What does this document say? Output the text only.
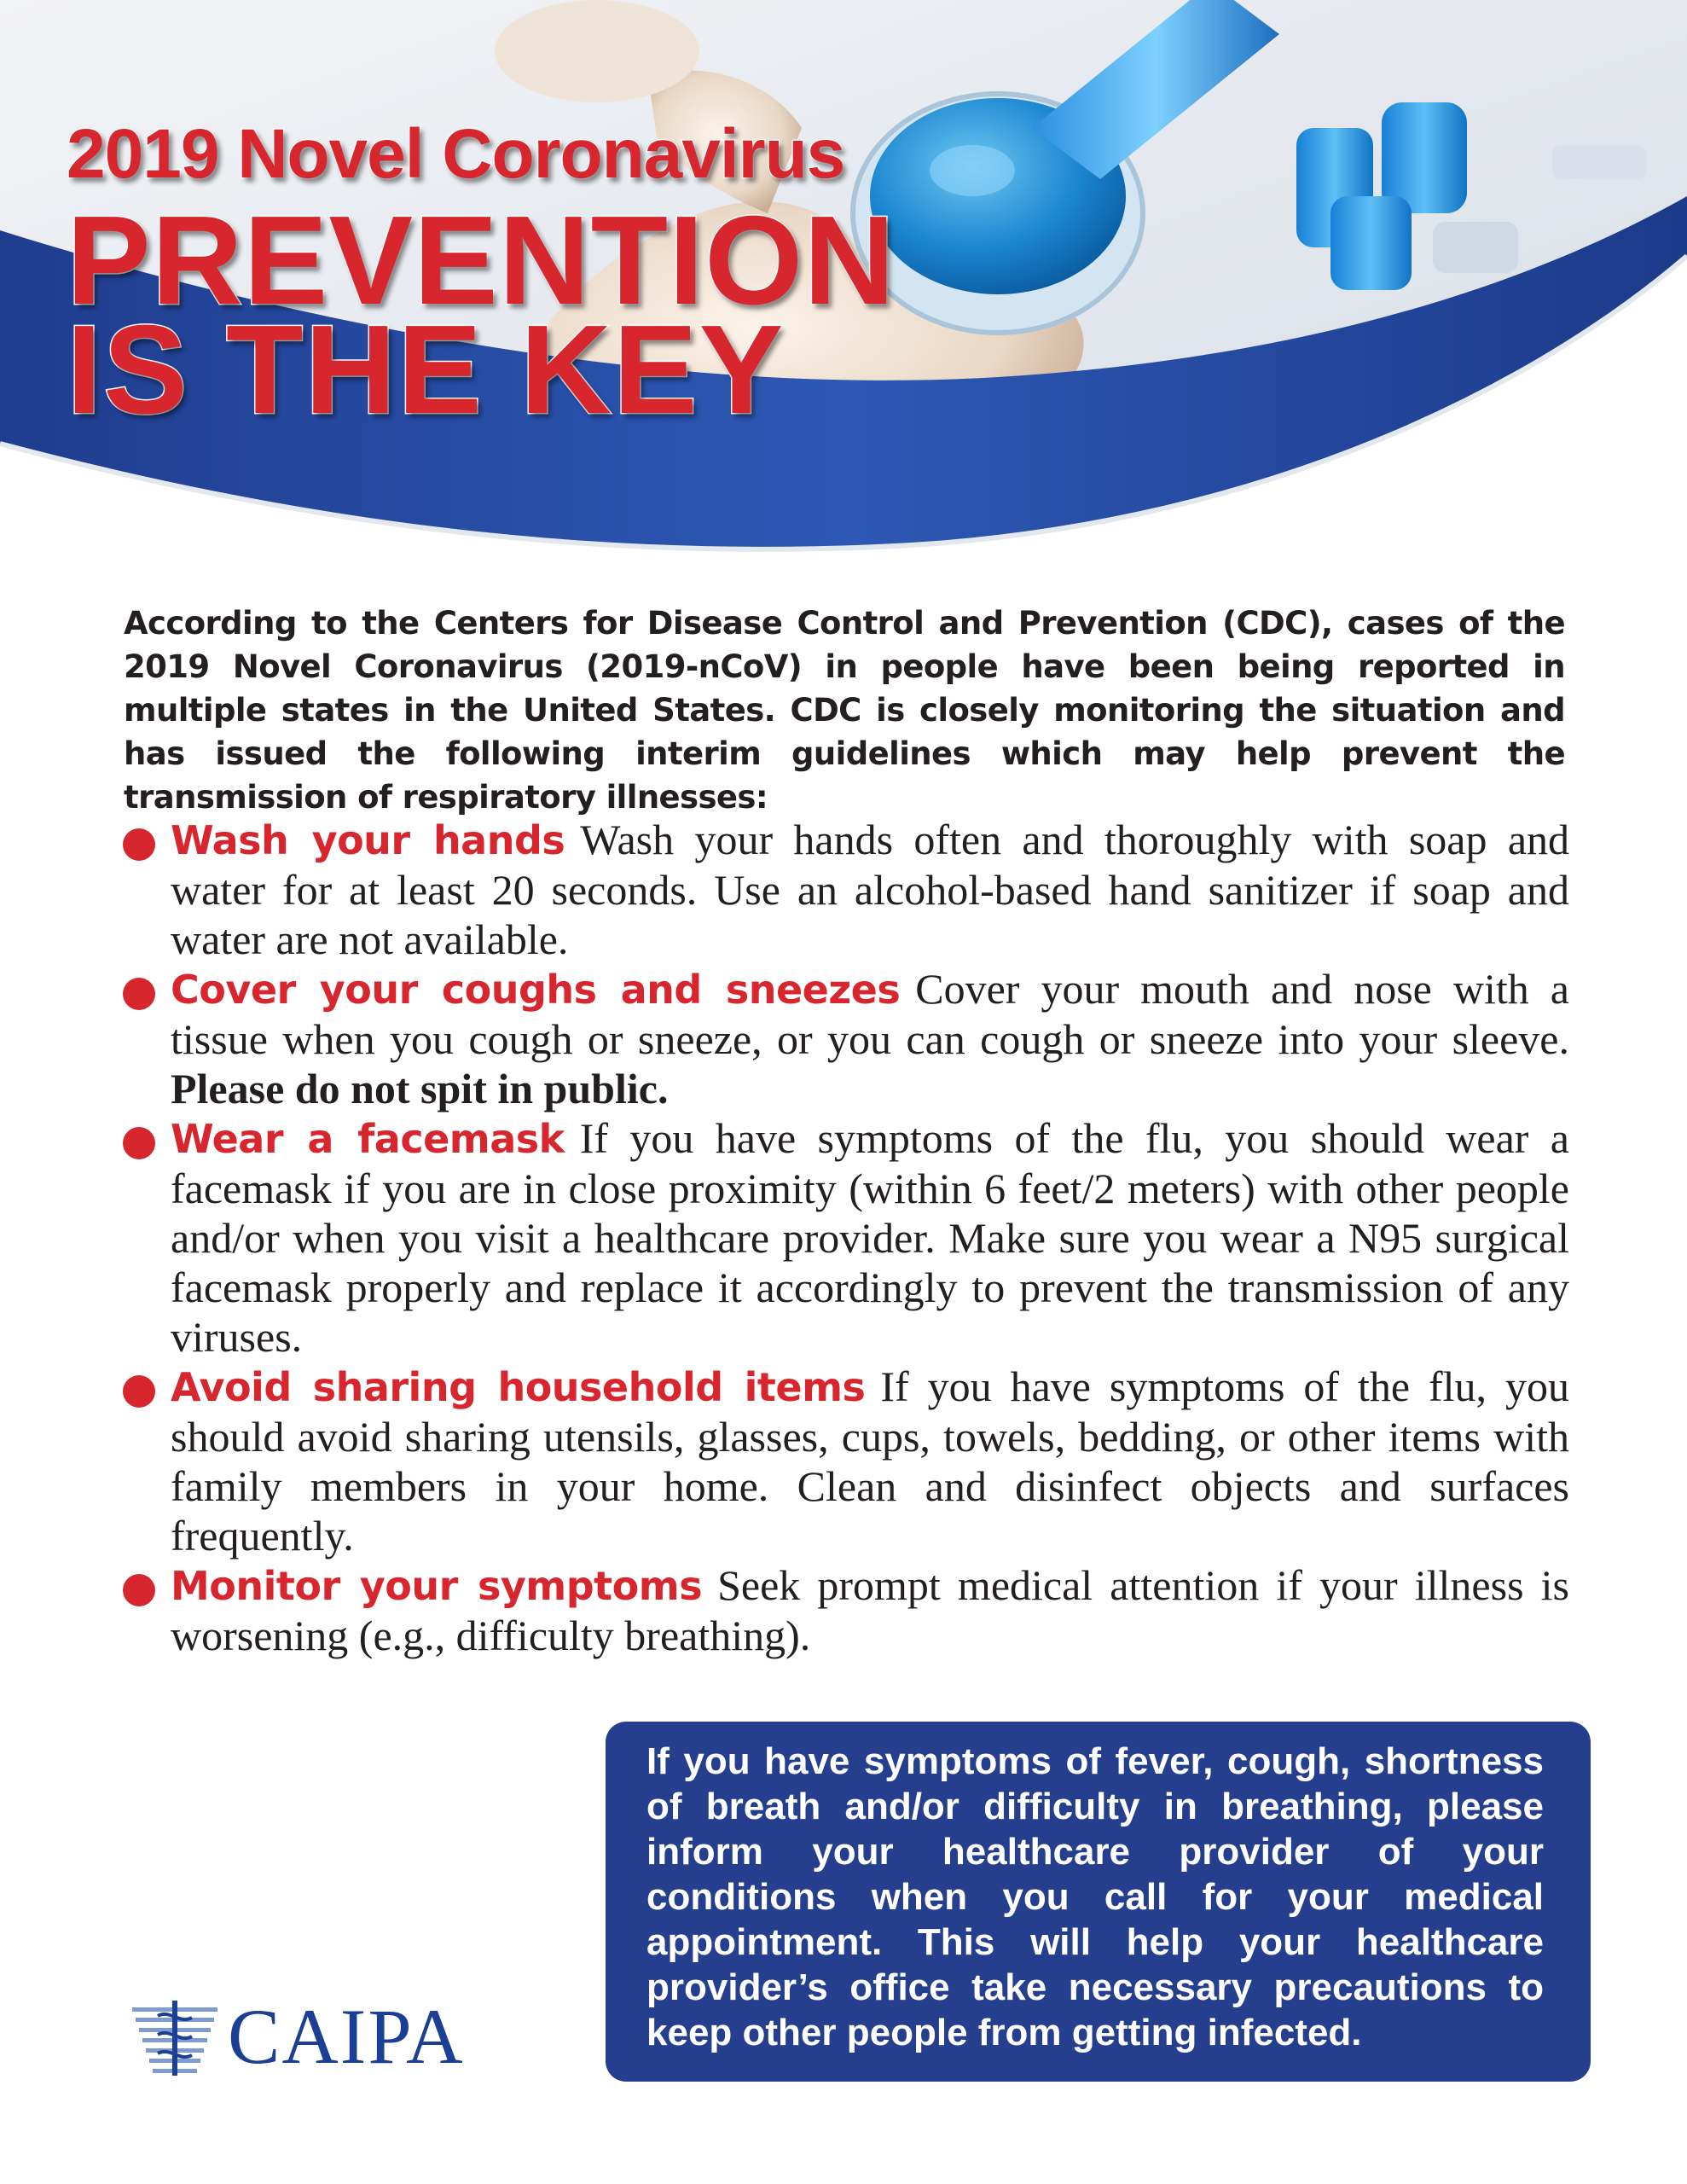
2019 Novel Coronavirus
PREVENTION
IS THE KEY

According to the Centers for Disease Control and Prevention (CDC), cases of the 2019 Novel Coronavirus (2019-nCoV) in people have been being reported in multiple states in the United States. CDC is closely monitoring the situation and has issued the following interim guidelines which may help prevent the transmission of respiratory illnesses:

Wash your hands Wash your hands often and thoroughly with soap and water for at least 20 seconds. Use an alcohol-based hand sanitizer if soap and water are not available.

Cover your coughs and sneezes Cover your mouth and nose with a tissue when you cough or sneeze, or you can cough or sneeze into your sleeve. Please do not spit in public.

Wear a facemask If you have symptoms of the flu, you should wear a facemask if you are in close proximity (within 6 feet/2 meters) with other people and/or when you visit a healthcare provider. Make sure you wear a N95 surgical facemask properly and replace it accordingly to prevent the transmission of any viruses.

Avoid sharing household items If you have symptoms of the flu, you should avoid sharing utensils, glasses, cups, towels, bedding, or other items with family members in your home. Clean and disinfect objects and surfaces frequently.

Monitor your symptoms Seek prompt medical attention if your illness is worsening (e.g., difficulty breathing).

If you have symptoms of fever, cough, shortness of breath and/or difficulty in breathing, please inform your healthcare provider of your conditions when you call for your medical appointment. This will help your healthcare provider’s office take necessary precautions to keep other people from getting infected.

CAIPA
